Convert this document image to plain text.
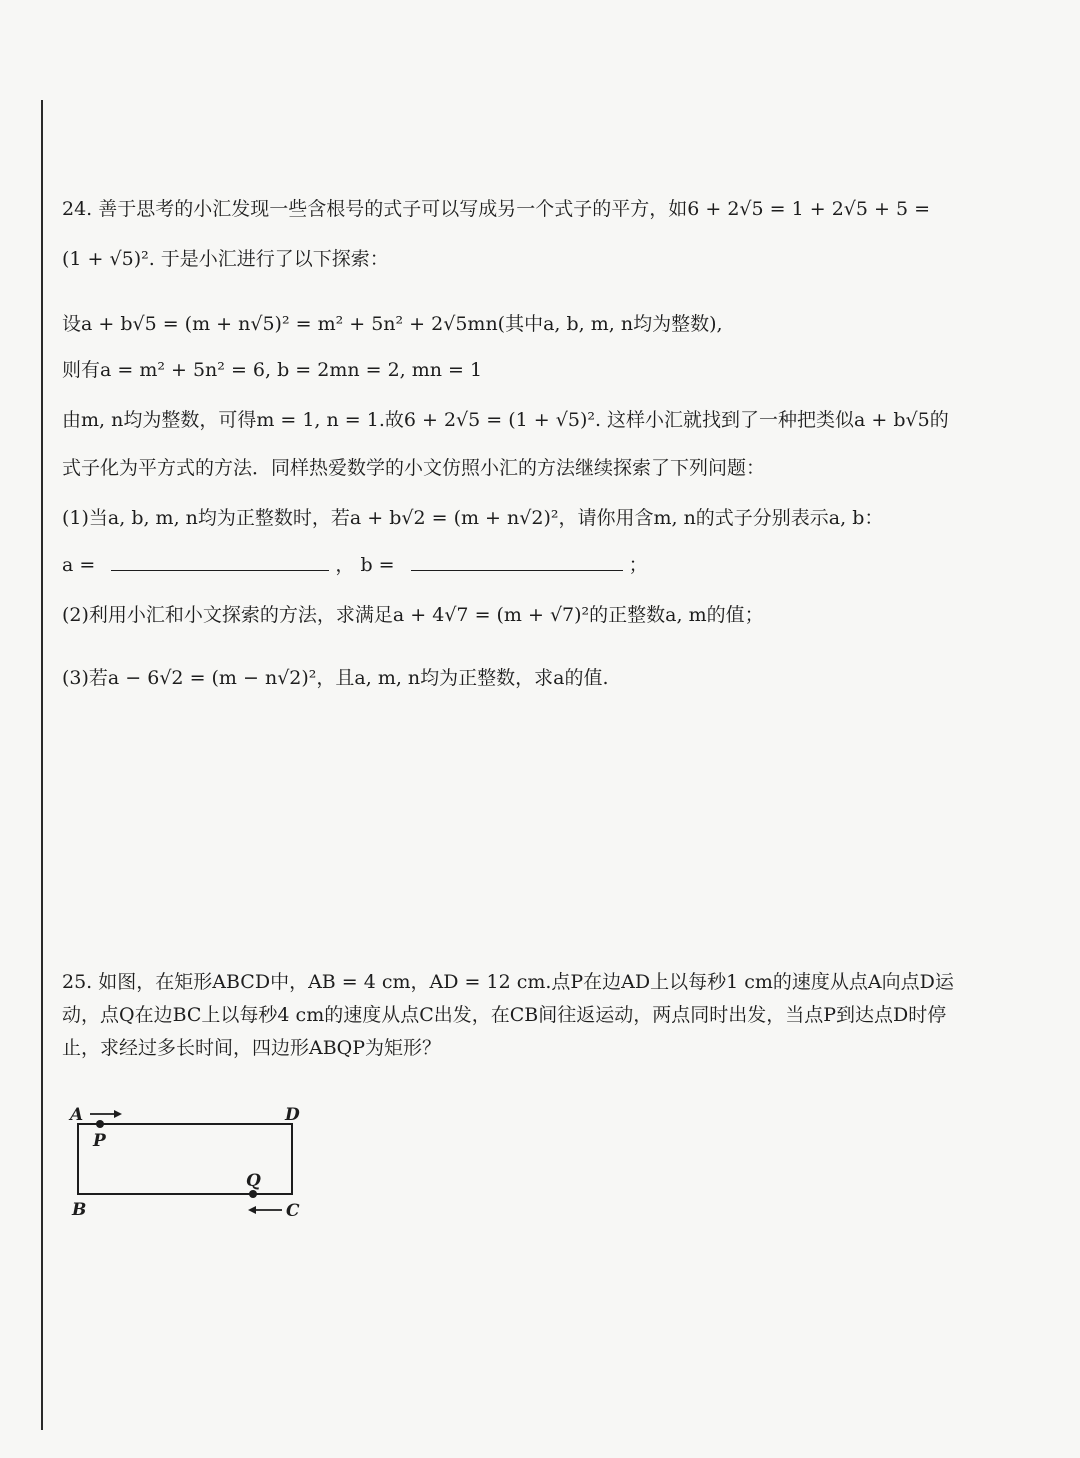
24. 善于思考的小汇发现一些含根号的式子可以写成另一个式子的平方，如6 + 2√5 = 1 + 2√5 + 5 =
(1 + √5)². 于是小汇进行了以下探索：
设a + b√5 = (m + n√5)² = m² + 5n² + 2√5mn(其中a, b, m, n均为整数),
则有a = m² + 5n² = 6, b = 2mn = 2, mn = 1
由m, n均为整数，可得m = 1, n = 1.故6 + 2√5 = (1 + √5)². 这样小汇就找到了一种把类似a + b√5的
式子化为平方式的方法．同样热爱数学的小文仿照小汇的方法继续探索了下列问题：
(1)当a, b, m, n均为正整数时，若a + b√2 = (m + n√2)²，请你用含m, n的式子分别表示a, b：
a =	， b =	；
(2)利用小汇和小文探索的方法，求满足a + 4√7 = (m + √7)²的正整数a, m的值；
(3)若a − 6√2 = (m − n√2)²，且a, m, n均为正整数，求a的值.
25. 如图，在矩形ABCD中，AB = 4 cm，AD = 12 cm.点P在边AD上以每秒1 cm的速度从点A向点D运
动，点Q在边BC上以每秒4 cm的速度从点C出发，在CB间往返运动，两点同时出发，当点P到达点D时停
止，求经过多长时间，四边形ABQP为矩形？
A	D
B	C
P
Q
